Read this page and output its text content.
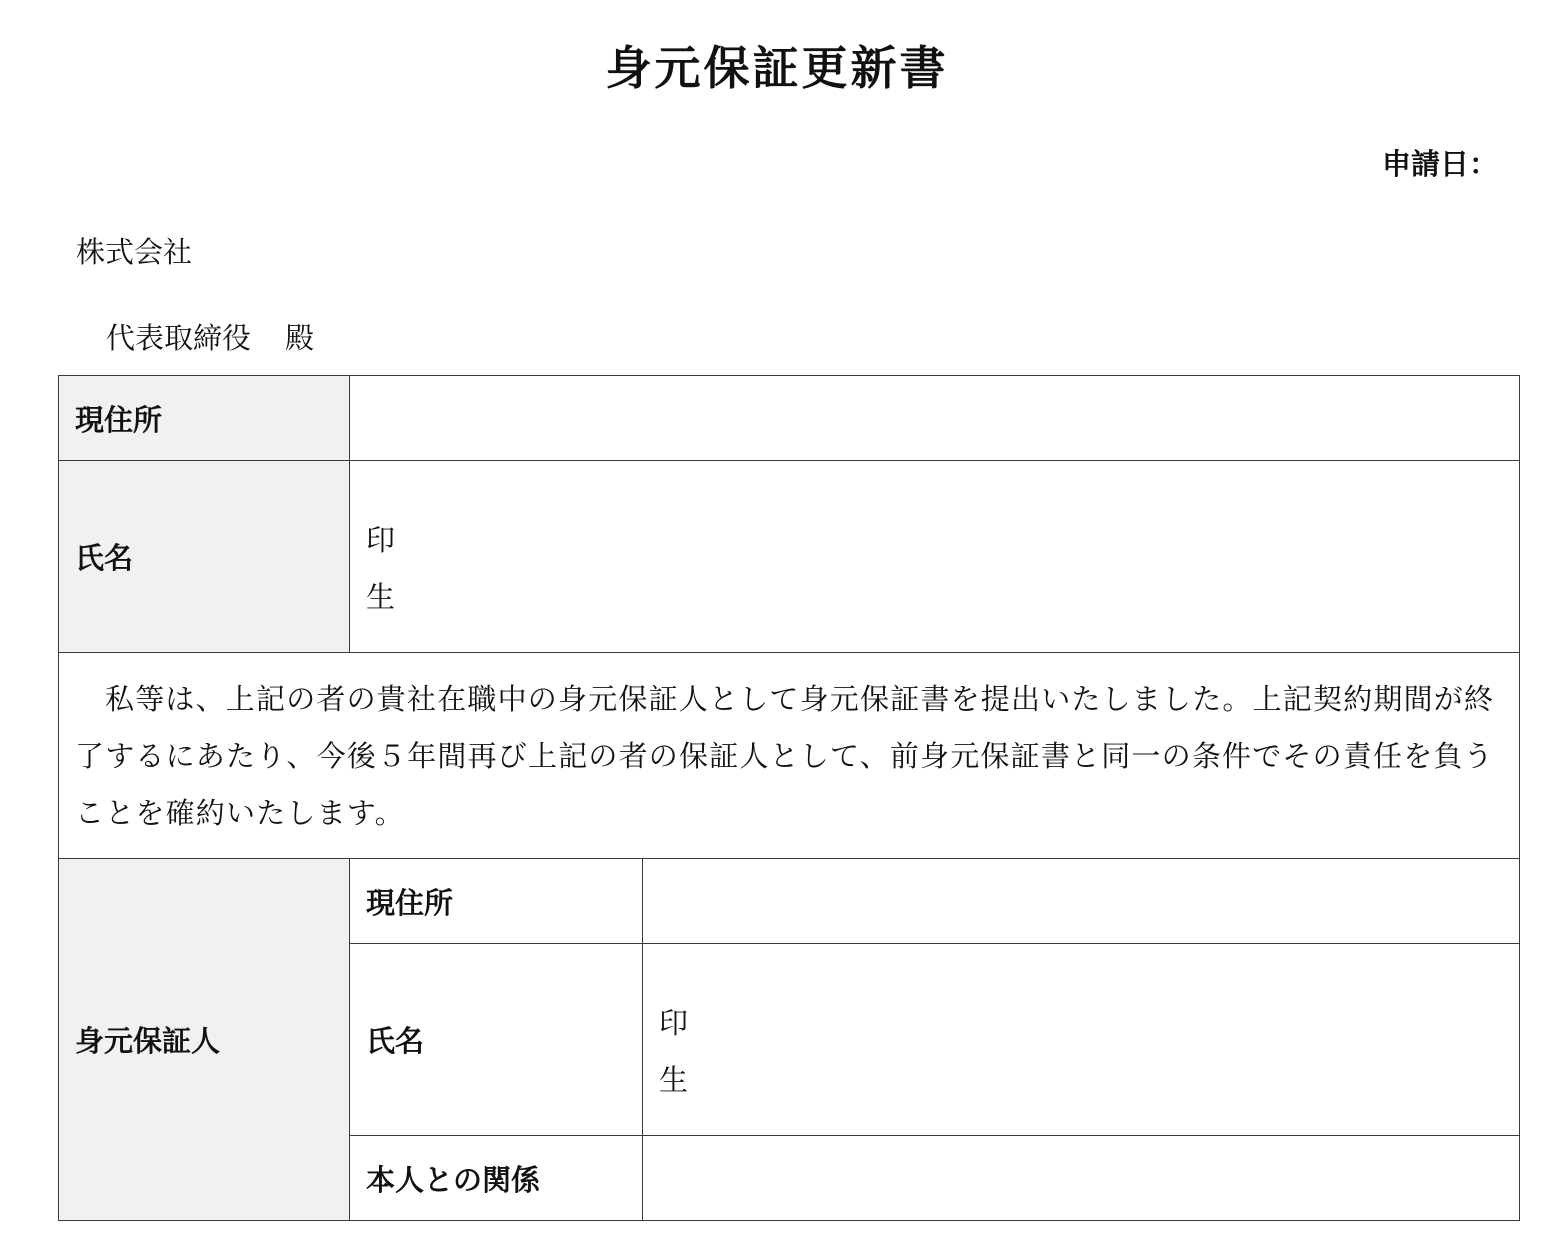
身元保証更新書
申請日：
株式会社
代表取締役 殿
現住所		
氏名	印
生	

私等は、上記の者の貴社在職中の身元保証人として身元保証書を提出いたしました。上記契約期間が終了するにあたり、今後５年間再び上記の者の保証人として、前身元保証書と同一の条件でその責任を負うことを確約いたします。		
身元保証人	現住所	
	氏名	印
生

	本人との関係	
